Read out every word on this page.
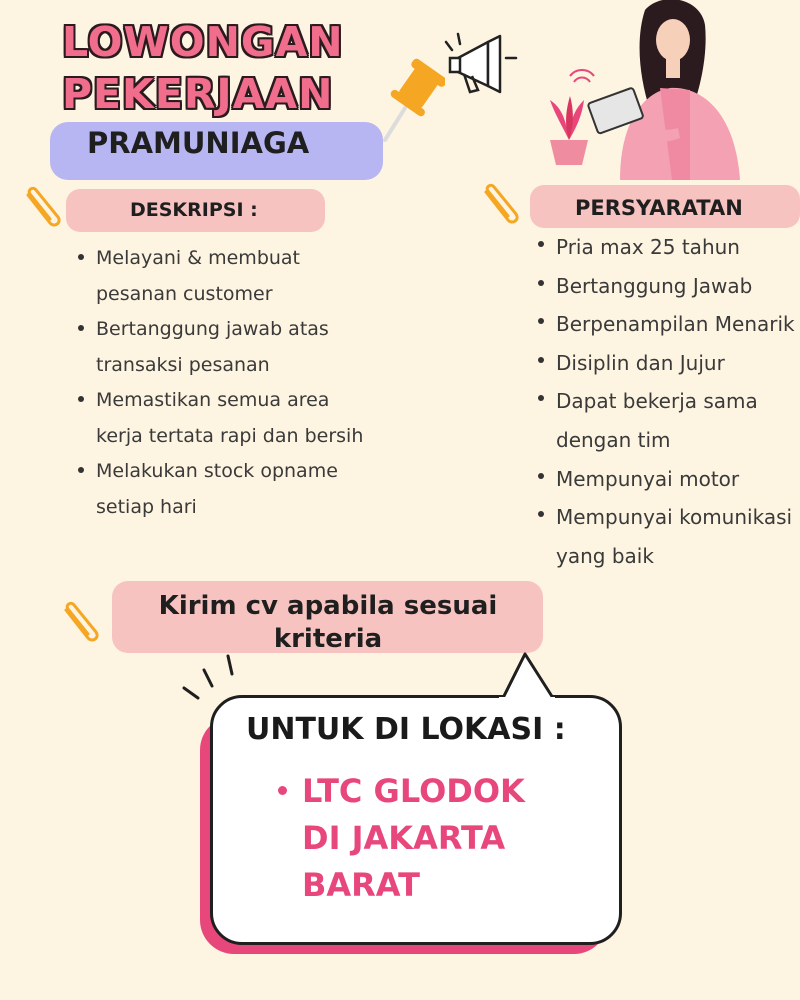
LOWONGAN
PEKERJAAN
PRAMUNIAGA
DESKRIPSI :
Melayani & membuat
pesanan customer
Bertanggung jawab atas
transaksi pesanan
Memastikan semua area
kerja tertata rapi dan bersih
Melakukan stock opname
setiap hari
PERSYARATAN
Pria max 25 tahun
Bertanggung Jawab
Berpenampilan Menarik
Disiplin dan Jujur
Dapat bekerja sama
dengan tim
Mempunyai motor
Mempunyai komunikasi
yang baik
Kirim cv apabila sesuai
kriteria
UNTUK DI LOKASI :
LTC GLODOK
DI JAKARTA
BARAT
